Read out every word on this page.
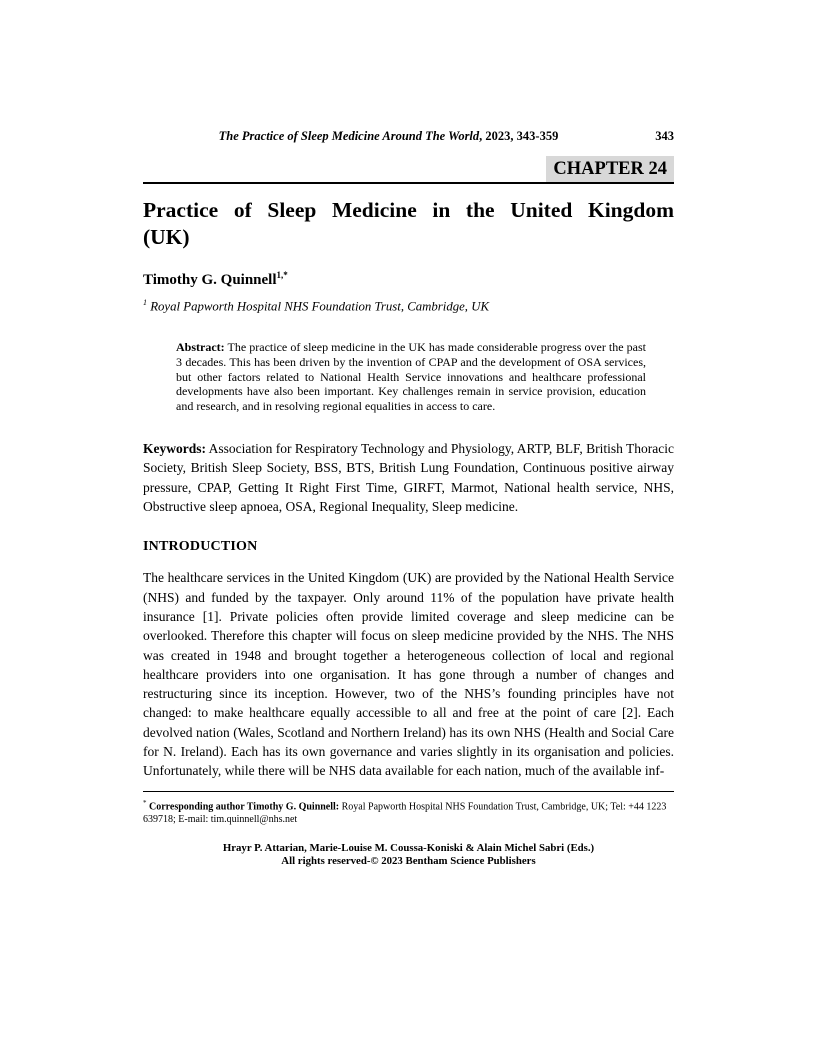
The Practice of Sleep Medicine Around The World, 2023, 343-359	343
CHAPTER 24
Practice of Sleep Medicine in the United Kingdom
(UK)
Timothy G. Quinnell$^{1,*}$
$^1$ Royal Papworth Hospital NHS Foundation Trust, Cambridge, UK
Abstract: The practice of sleep medicine in the UK has made considerable progress over the past 3 decades. This has been driven by the invention of CPAP and the development of OSA services, but other factors related to National Health Service innovations and healthcare professional developments have also been important. Key challenges remain in service provision, education and research, and in resolving regional equalities in access to care.
Keywords: Association for Respiratory Technology and Physiology, ARTP, BLF, British Thoracic Society, British Sleep Society, BSS, BTS, British Lung Foundation, Continuous positive airway pressure, CPAP, Getting It Right First Time, GIRFT, Marmot, National health service, NHS, Obstructive sleep apnoea, OSA, Regional Inequality, Sleep medicine.
INTRODUCTION
The healthcare services in the United Kingdom (UK) are provided by the National Health Service (NHS) and funded by the taxpayer. Only around 11% of the population have private health insurance [1]. Private policies often provide limited coverage and sleep medicine can be overlooked. Therefore this chapter will focus on sleep medicine provided by the NHS. The NHS was created in 1948 and brought together a heterogeneous collection of local and regional healthcare providers into one organisation. It has gone through a number of changes and restructuring since its inception. However, two of the NHS’s founding principles have not changed: to make healthcare equally accessible to all and free at the point of care [2]. Each devolved nation (Wales, Scotland and Northern Ireland) has its own NHS (Health and Social Care for N. Ireland). Each has its own governance and varies slightly in its organisation and policies. Unfortunately, while there will be NHS data available for each nation, much of the available inf-
* Corresponding author Timothy G. Quinnell: Royal Papworth Hospital NHS Foundation Trust, Cambridge, UK; Tel: +44 1223 639718; E-mail: tim.quinnell@nhs.net
Hrayr P. Attarian, Marie-Louise M. Coussa-Koniski & Alain Michel Sabri (Eds.)
All rights reserved-© 2023 Bentham Science Publishers
